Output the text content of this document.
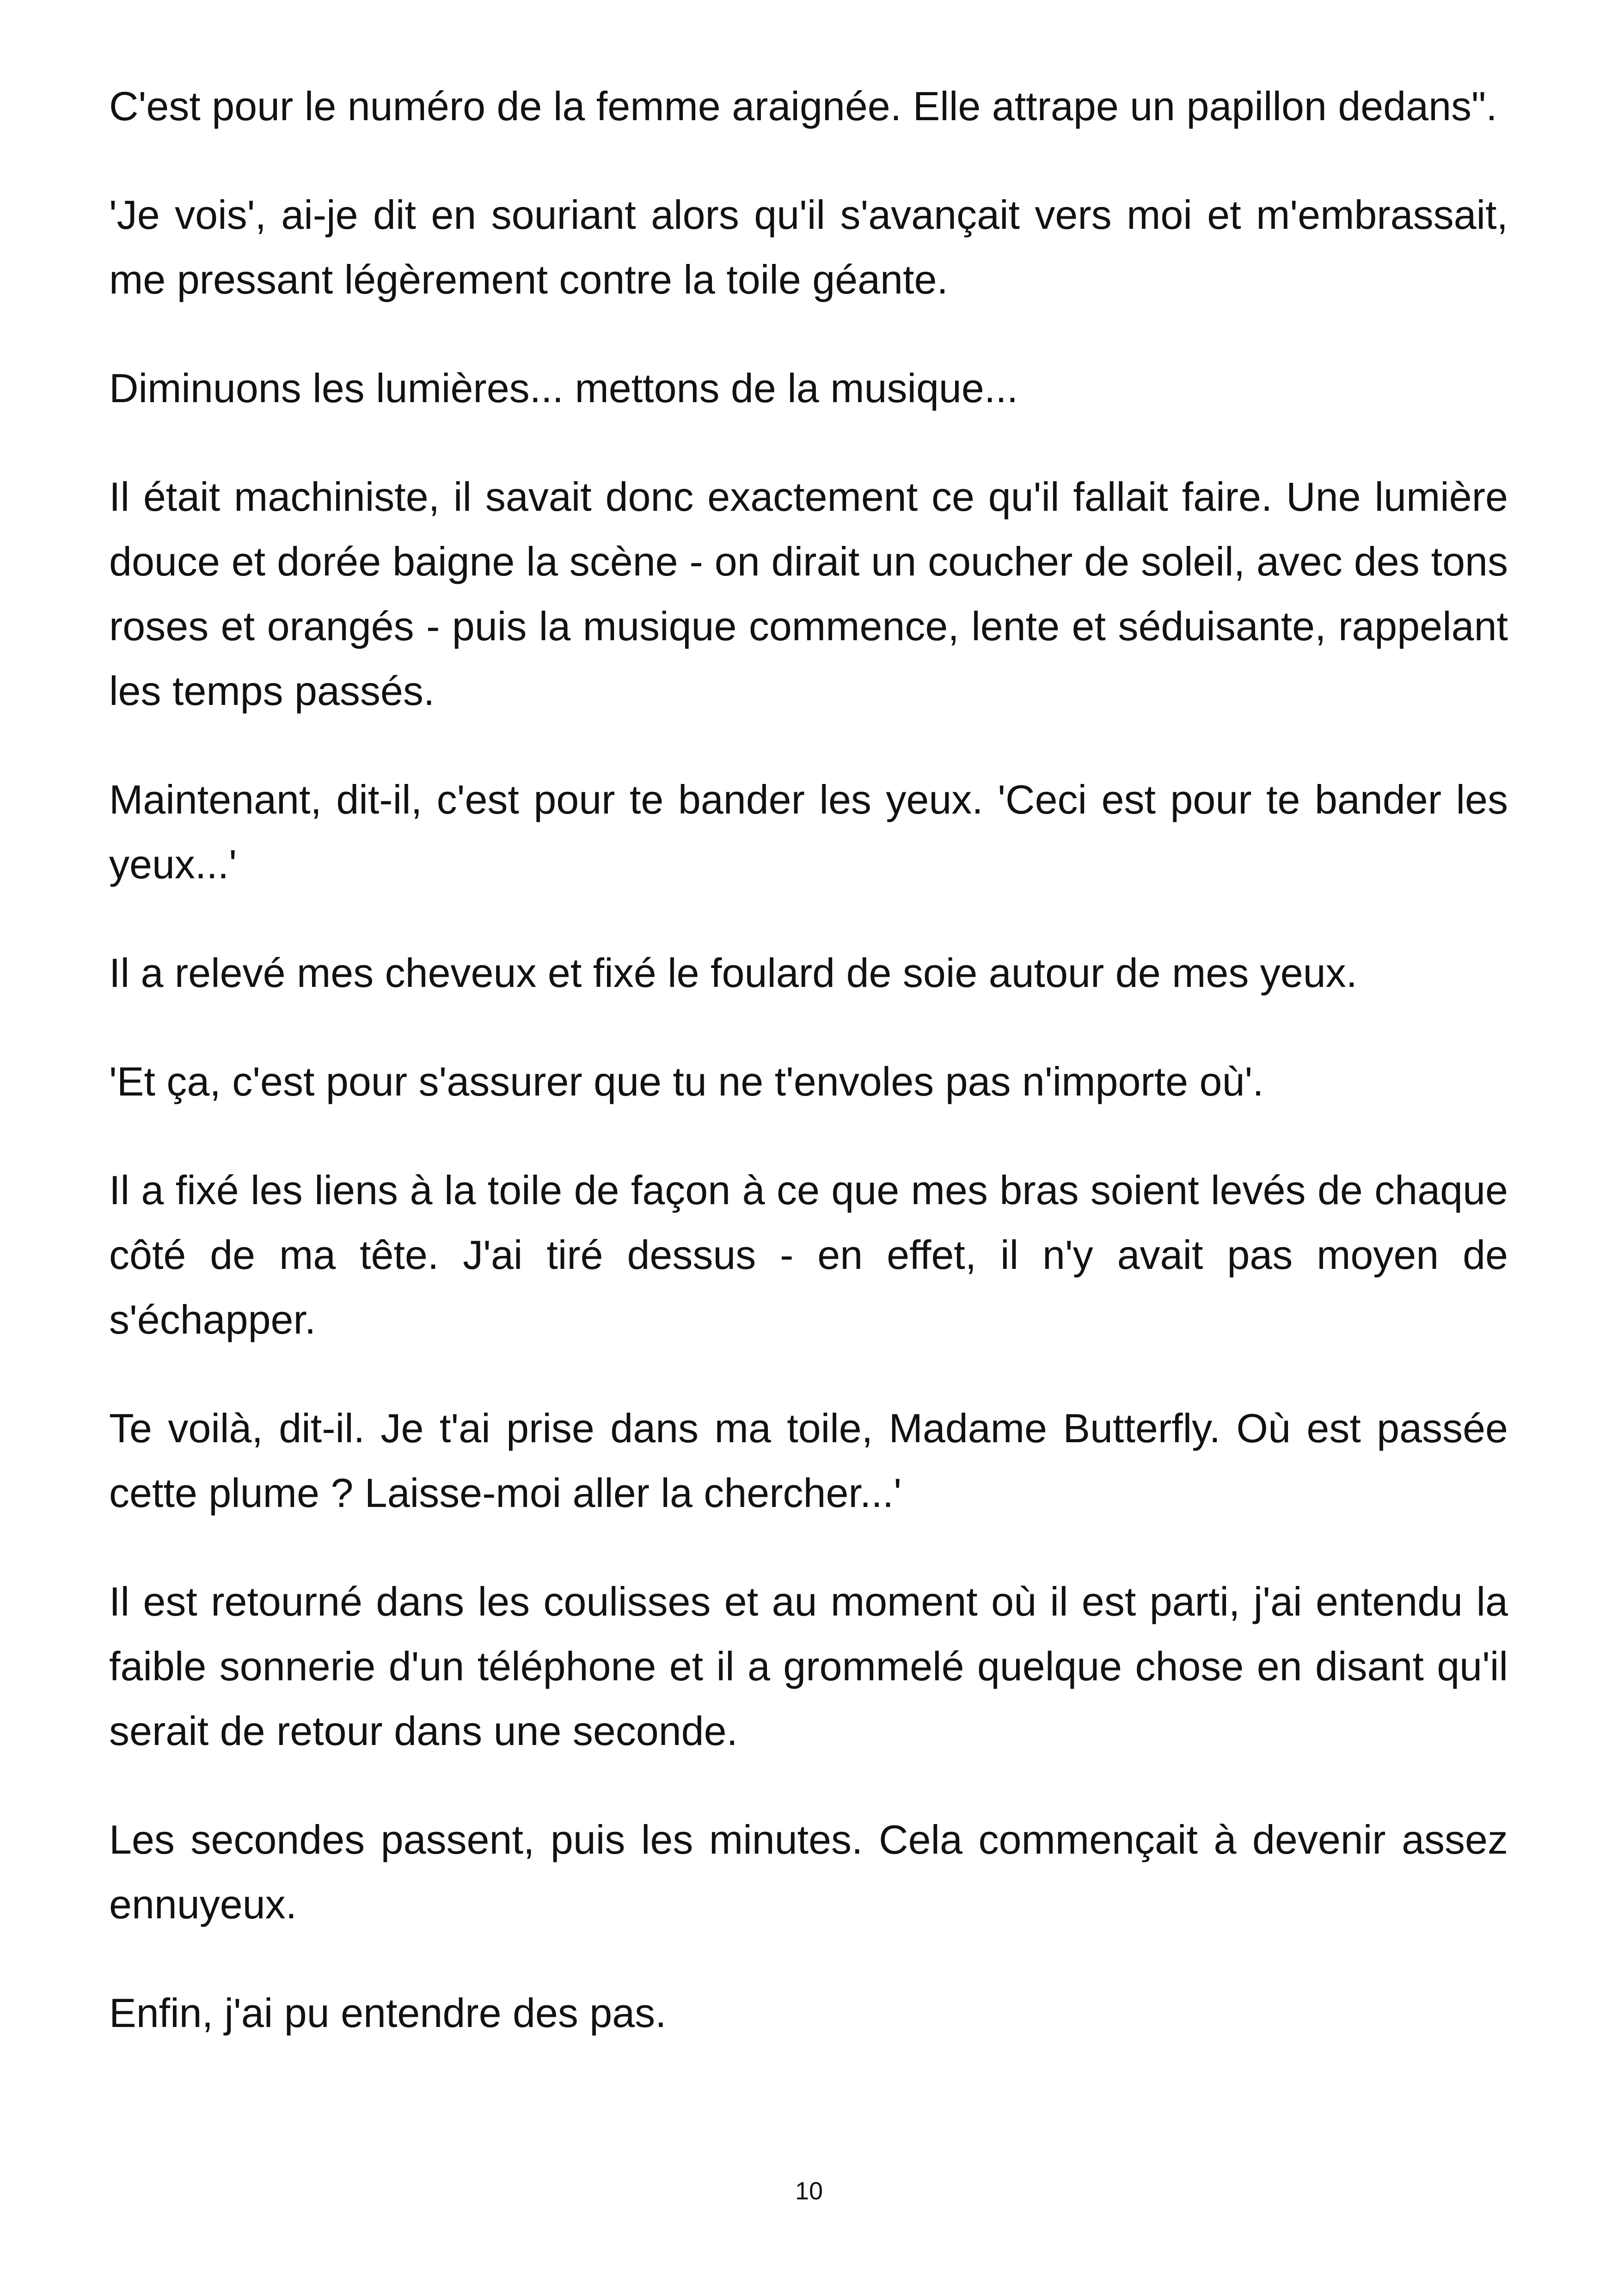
C'est pour le numéro de la femme araignée. Elle attrape un papillon dedans".

'Je vois', ai-je dit en souriant alors qu'il s'avançait vers moi et m'embrassait, me pressant légèrement contre la toile géante.

Diminuons les lumières... mettons de la musique...

Il était machiniste, il savait donc exactement ce qu'il fallait faire. Une lumière douce et dorée baigne la scène - on dirait un coucher de soleil, avec des tons roses et orangés - puis la musique commence, lente et séduisante, rappelant les temps passés.

Maintenant, dit-il, c'est pour te bander les yeux. 'Ceci est pour te bander les yeux...'

Il a relevé mes cheveux et fixé le foulard de soie autour de mes yeux.

'Et ça, c'est pour s'assurer que tu ne t'envoles pas n'importe où'.

Il a fixé les liens à la toile de façon à ce que mes bras soient levés de chaque côté de ma tête. J'ai tiré dessus - en effet, il n'y avait pas moyen de s'échapper.

Te voilà, dit-il. Je t'ai prise dans ma toile, Madame Butterfly. Où est passée cette plume ? Laisse-moi aller la chercher...'

Il est retourné dans les coulisses et au moment où il est parti, j'ai entendu la faible sonnerie d'un téléphone et il a grommelé quelque chose en disant qu'il serait de retour dans une seconde.

Les secondes passent, puis les minutes. Cela commençait à devenir assez ennuyeux.

Enfin, j'ai pu entendre des pas.

10
